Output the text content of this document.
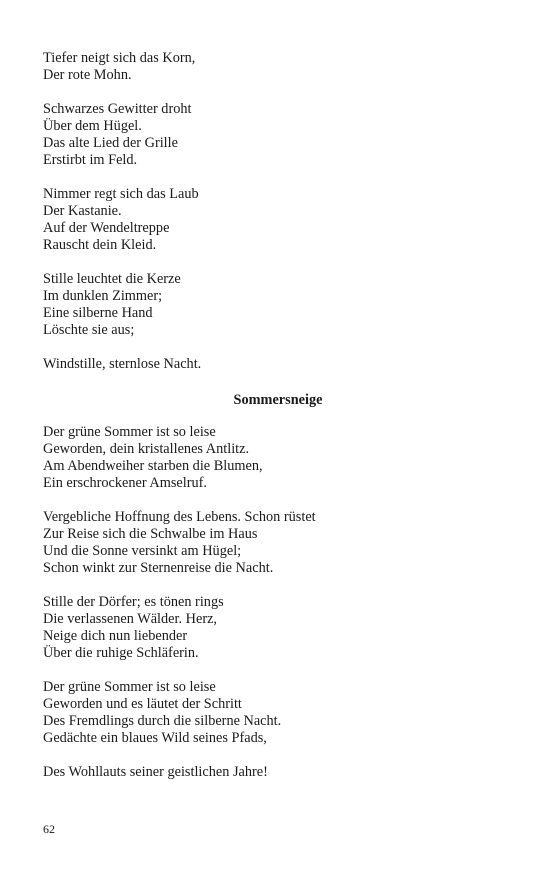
Tiefer neigt sich das Korn,
Der rote Mohn.
Schwarzes Gewitter droht
Über dem Hügel.
Das alte Lied der Grille
Erstirbt im Feld.
Nimmer regt sich das Laub
Der Kastanie.
Auf der Wendeltreppe
Rauscht dein Kleid.
Stille leuchtet die Kerze
Im dunklen Zimmer;
Eine silberne Hand
Löschte sie aus;
Windstille, sternlose Nacht.
Sommersneige
Der grüne Sommer ist so leise
Geworden, dein kristallenes Antlitz.
Am Abendweiher starben die Blumen,
Ein erschrockener Amselruf.
Vergebliche Hoffnung des Lebens. Schon rüstet
Zur Reise sich die Schwalbe im Haus
Und die Sonne versinkt am Hügel;
Schon winkt zur Sternenreise die Nacht.
Stille der Dörfer; es tönen rings
Die verlassenen Wälder. Herz,
Neige dich nun liebender
Über die ruhige Schläferin.
Der grüne Sommer ist so leise
Geworden und es läutet der Schritt
Des Fremdlings durch die silberne Nacht.
Gedächte ein blaues Wild seines Pfads,
Des Wohllauts seiner geistlichen Jahre!
62
